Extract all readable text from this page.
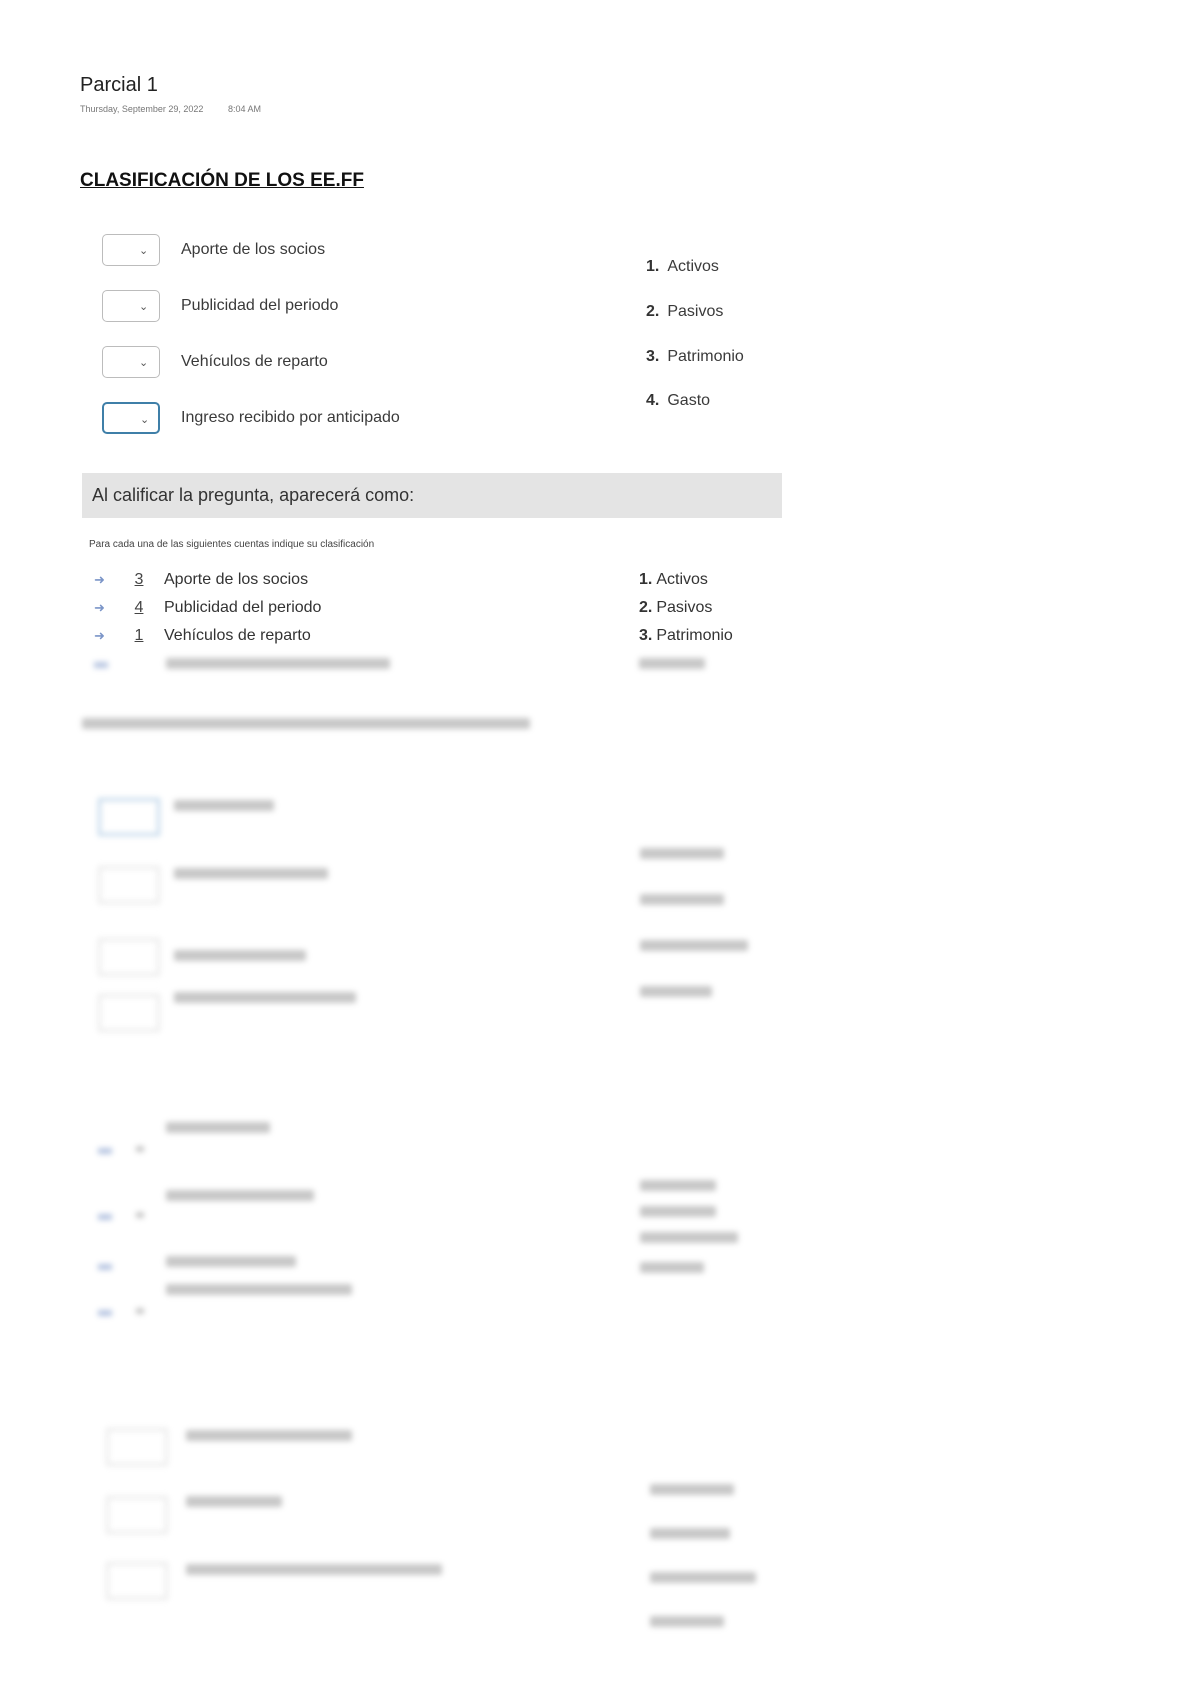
Parcial 1
Thursday, September 29, 2022	8:04 AM
CLASIFICACIÓN DE LOS EE.FF
⌄ Aporte de los socios
⌄ Publicidad del periodo
⌄ Vehículos de reparto
⌄ Ingreso recibido por anticipado
1. Activos
2. Pasivos
3. Patrimonio
4. Gasto
Al calificar la pregunta, aparecerá como:
Para cada una de las siguientes cuentas indique su clasificación
➜ 3 Aporte de los socios
➜ 4 Publicidad del periodo
➜ 1 Vehículos de reparto
1. Activos
2. Pasivos
3. Patrimonio
